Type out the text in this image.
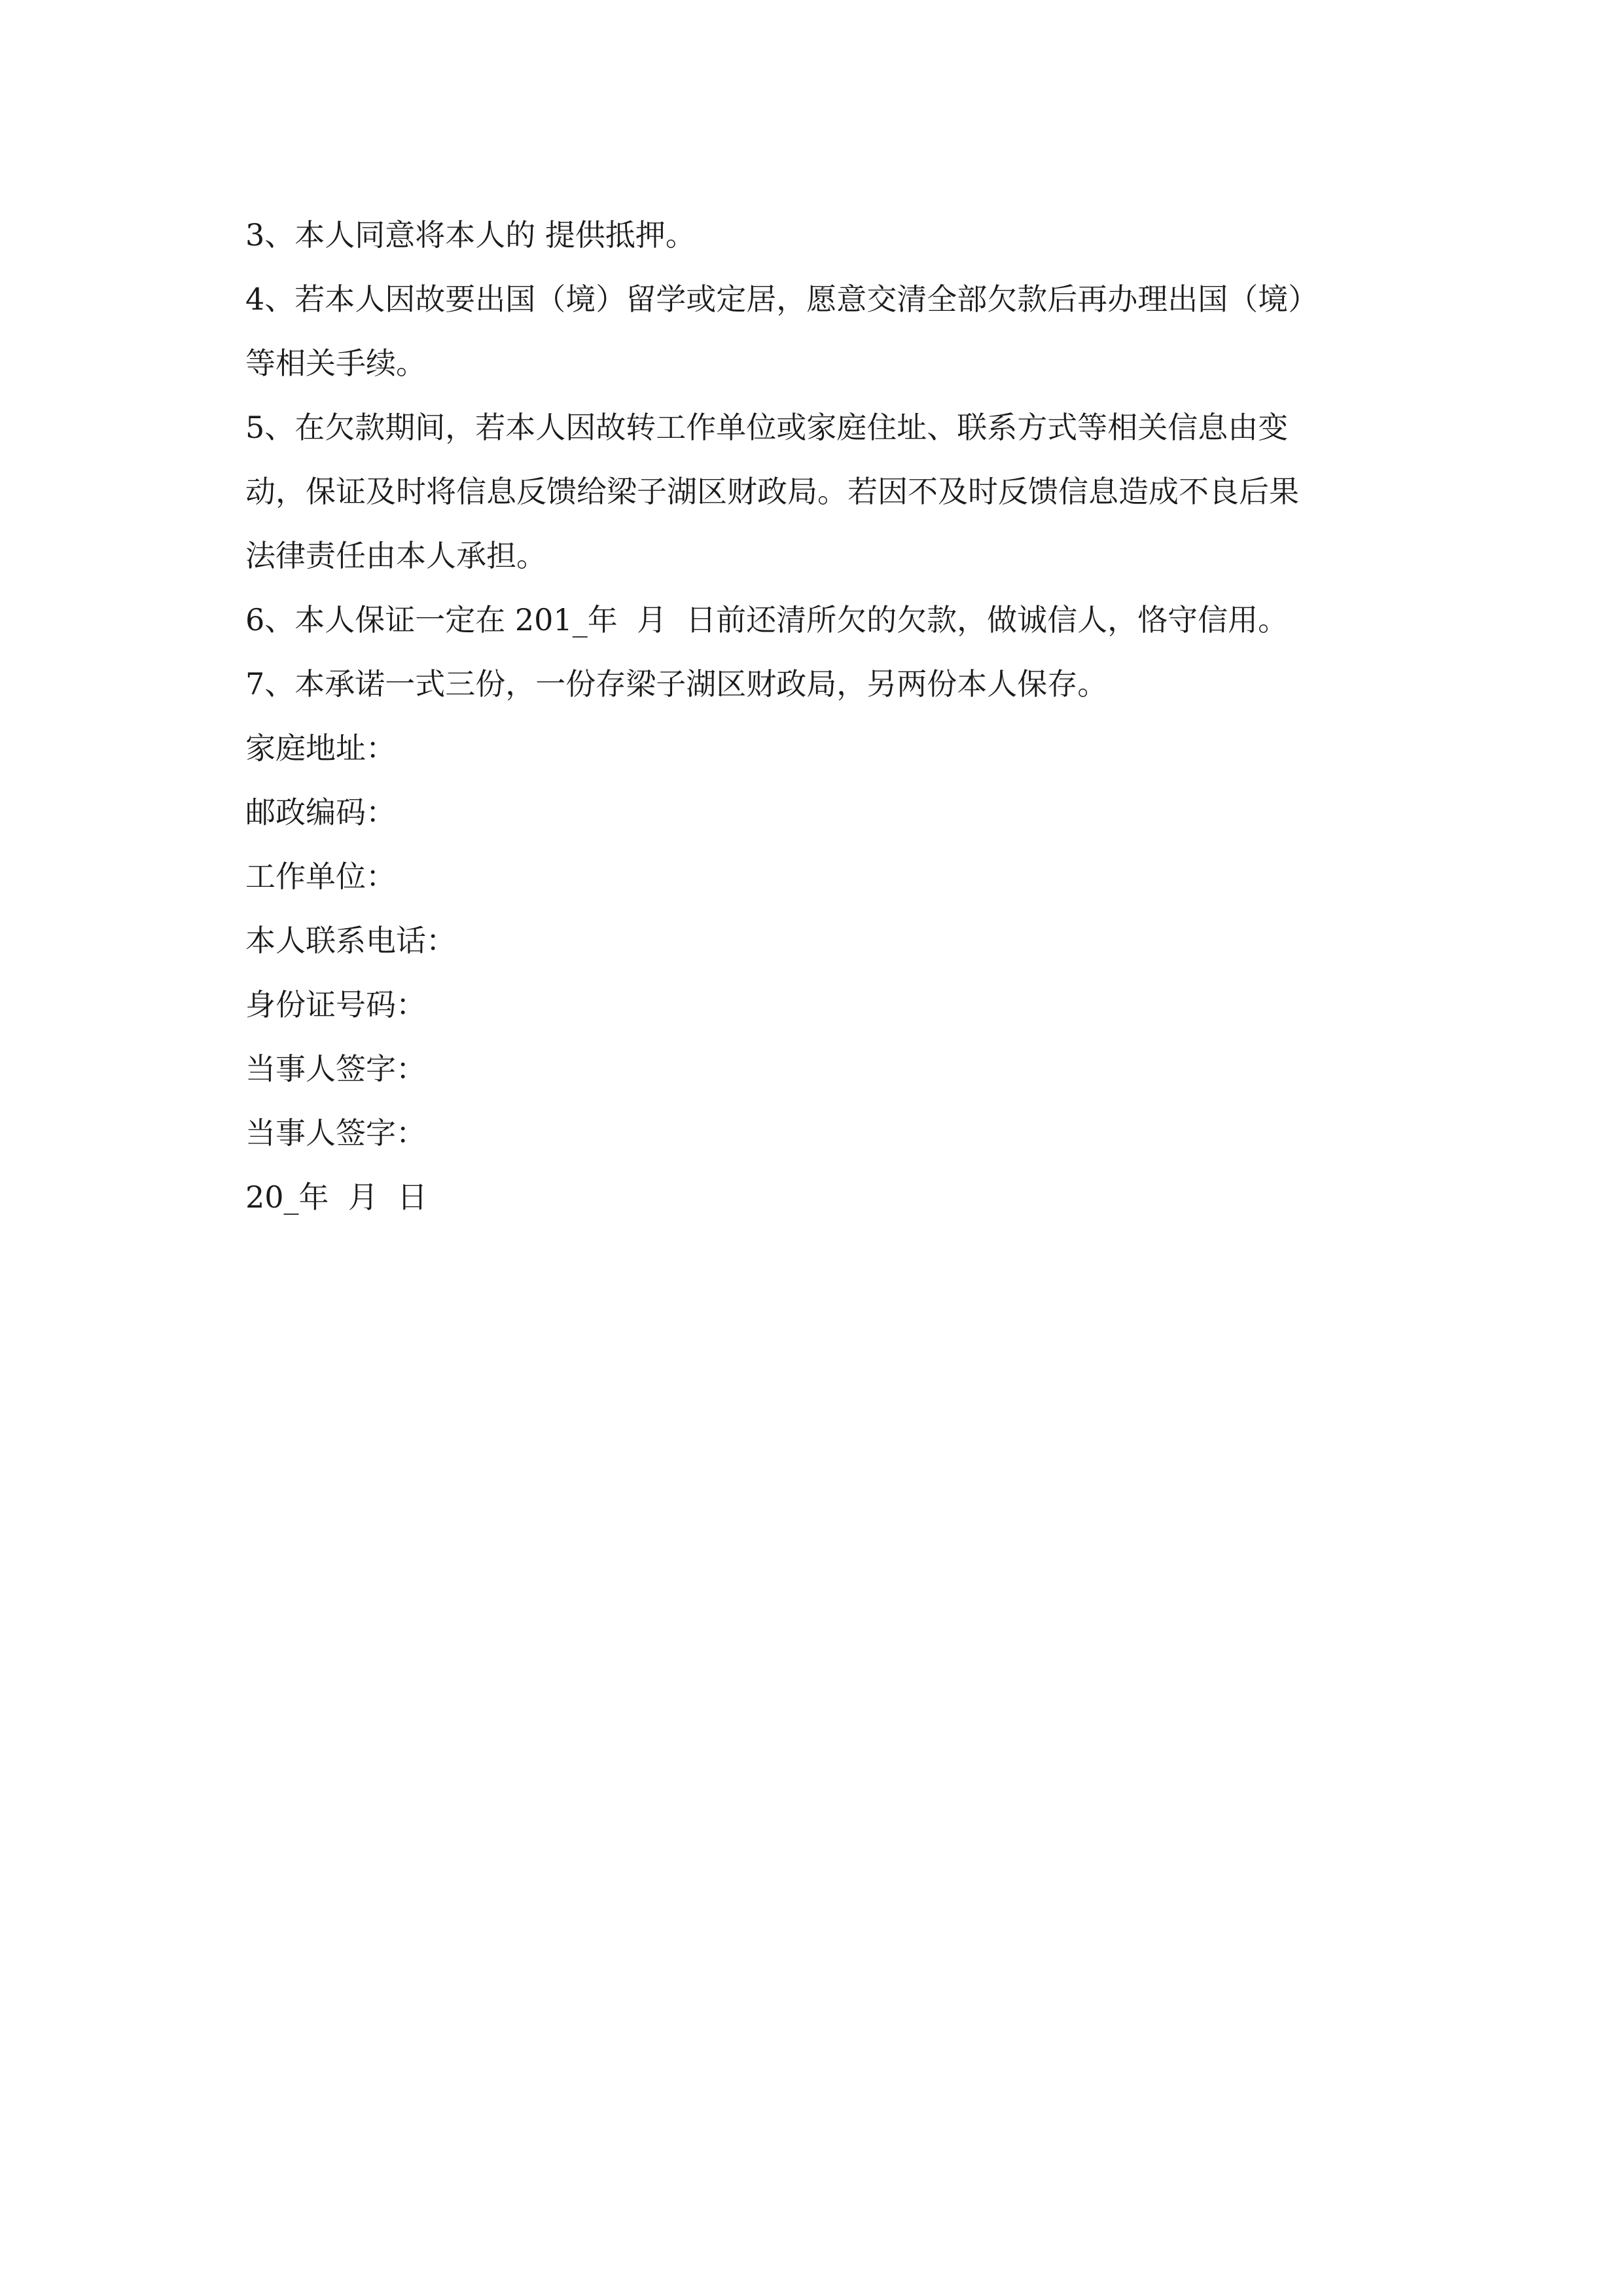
3、本人同意将本人的 提供抵押。

4、若本人因故要出国（境）留学或定居，愿意交清全部欠款后再办理出国（境）

等相关手续。

5、在欠款期间，若本人因故转工作单位或家庭住址、联系方式等相关信息由变

动，保证及时将信息反馈给梁子湖区财政局。若因不及时反馈信息造成不良后果

法律责任由本人承担。

6、本人保证一定在 201_年  月  日前还清所欠的欠款，做诚信人，恪守信用。

7、本承诺一式三份，一份存梁子湖区财政局，另两份本人保存。

家庭地址：

邮政编码：

工作单位：

本人联系电话：

身份证号码：

当事人签字：

当事人签字：

20_年  月  日
